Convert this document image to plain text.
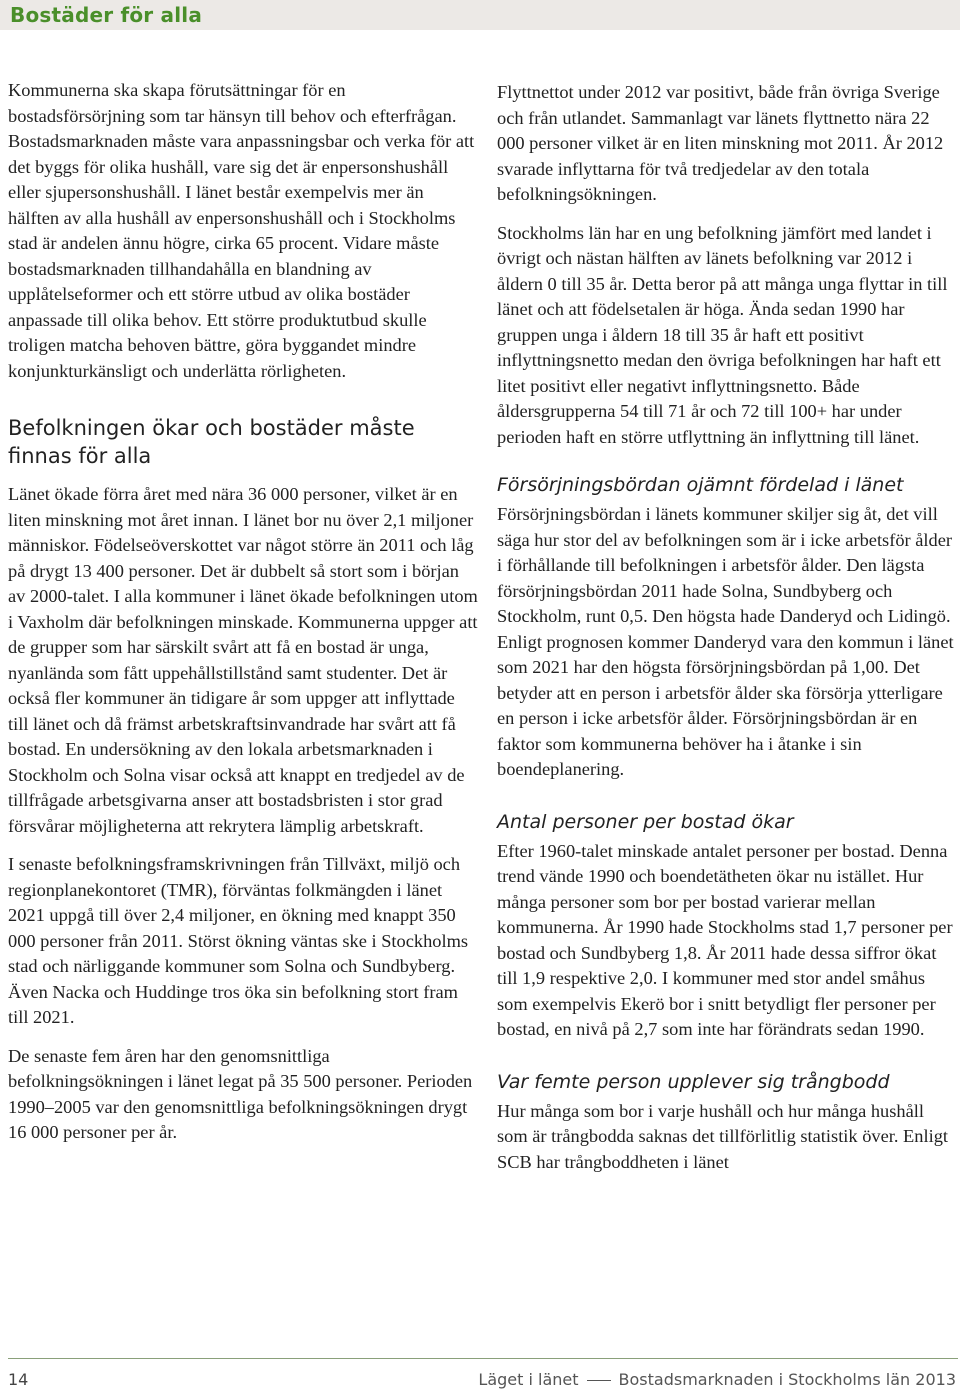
Bostäder för alla

Kommunerna ska skapa förutsättningar för en bostadsförsörjning som tar hänsyn till behov och efterfrågan. Bostadsmarknaden måste vara anpassningsbar och verka för att det byggs för olika hushåll, vare sig det är enpersonshushåll eller sjupersonshushåll. I länet består exempelvis mer än hälften av alla hushåll av enpersonshushåll och i Stockholms stad är andelen ännu högre, cirka 65 procent. Vidare måste bostadsmarknaden tillhandahålla en blandning av upplåtelseformer och ett större utbud av olika bostäder anpassade till olika behov. Ett större produktutbud skulle troligen matcha behoven bättre, göra byggandet mindre konjunkturkänsligt och underlätta rörligheten.

Befolkningen ökar och bostäder måste finnas för alla

Länet ökade förra året med nära 36 000 personer, vilket är en liten minskning mot året innan. I länet bor nu över 2,1 miljoner människor. Födelseöverskottet var något större än 2011 och låg på drygt 13 400 personer. Det är dubbelt så stort som i början av 2000-talet. I alla kommuner i länet ökade befolkningen utom i Vaxholm där befolkningen minskade. Kommunerna uppger att de grupper som har särskilt svårt att få en bostad är unga, nyanlända som fått uppehållstillstånd samt studenter. Det är också fler kommuner än tidigare år som uppger att inflyttade till länet och då främst arbetskraftsinvandrade har svårt att få bostad. En undersökning av den lokala arbetsmarknaden i Stockholm och Solna visar också att knappt en tredjedel av de tillfrågade arbetsgivarna anser att bostadsbristen i stor grad försvårar möjligheterna att rekrytera lämplig arbetskraft.

I senaste befolkningsframskrivningen från Tillväxt, miljö och regionplanekontoret (TMR), förväntas folkmängden i länet 2021 uppgå till över 2,4 miljoner, en ökning med knappt 350 000 personer från 2011. Störst ökning väntas ske i Stockholms stad och närliggande kommuner som Solna och Sundbyberg. Även Nacka och Huddinge tros öka sin befolkning stort fram till 2021.

De senaste fem åren har den genomsnittliga befolkningsökningen i länet legat på 35 500 personer. Perioden 1990–2005 var den genomsnittliga befolkningsökningen drygt 16 000 personer per år.

Flyttnettot under 2012 var positivt, både från övriga Sverige och från utlandet. Sammanlagt var länets flyttnetto nära 22 000 personer vilket är en liten minskning mot 2011. År 2012 svarade inflyttarna för två tredjedelar av den totala befolkningsökningen.

Stockholms län har en ung befolkning jämfört med landet i övrigt och nästan hälften av länets befolkning var 2012 i åldern 0 till 35 år. Detta beror på att många unga flyttar in till länet och att födelsetalen är höga. Ända sedan 1990 har gruppen unga i åldern 18 till 35 år haft ett positivt inflyttningsnetto medan den övriga befolkningen har haft ett litet positivt eller negativt inflyttningsnetto. Både åldersgrupperna 54 till 71 år och 72 till 100+ har under perioden haft en större utflyttning än inflyttning till länet.

Försörjningsbördan ojämnt fördelad i länet

Försörjningsbördan i länets kommuner skiljer sig åt, det vill säga hur stor del av befolkningen som är i icke arbetsför ålder i förhållande till befolkningen i arbetsför ålder. Den lägsta försörjningsbördan 2011 hade Solna, Sundbyberg och Stockholm, runt 0,5. Den högsta hade Danderyd och Lidingö. Enligt prognosen kommer Danderyd vara den kommun i länet som 2021 har den högsta försörjningsbördan på 1,00. Det betyder att en person i arbetsför ålder ska försörja ytterligare en person i icke arbetsför ålder. Försörjningsbördan är en faktor som kommunerna behöver ha i åtanke i sin boendeplanering.

Antal personer per bostad ökar

Efter 1960-talet minskade antalet personer per bostad. Denna trend vände 1990 och boendetätheten ökar nu istället. Hur många personer som bor per bostad varierar mellan kommunerna. År 1990 hade Stockholms stad 1,7 personer per bostad och Sundbyberg 1,8. År 2011 hade dessa siffror ökat till 1,9 respektive 2,0. I kommuner med stor andel småhus som exempelvis Ekerö bor i snitt betydligt fler personer per bostad, en nivå på 2,7 som inte har förändrats sedan 1990.

Var femte person upplever sig trångbodd

Hur många som bor i varje hushåll och hur många hushåll som är trångbodda saknas det tillförlitlig statistik över. Enligt SCB har trångboddheten i länet

14	Läget i länet	Bostadsmarknaden i Stockholms län 2013
